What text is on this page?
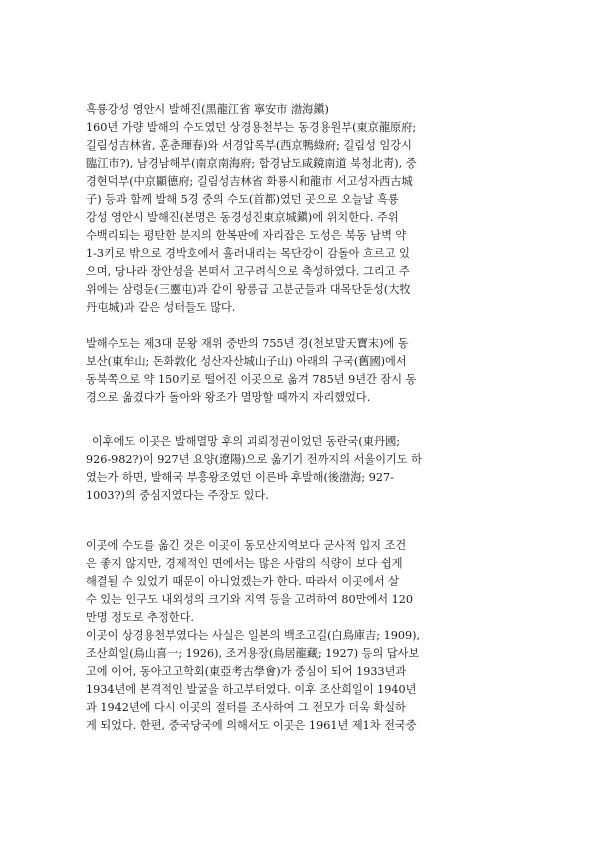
흑룡강성 영안시 발해진(黑龍江省 寧安市 渤海鎭)
160년 가량 발해의 수도였던 상경용천부는 동경용원부(東京龍原府;
길림성吉林省, 훈춘琿春)와 서경압록부(西京鴨綠府; 길림성 임강시
臨江市?), 남경남해부(南京南海府; 함경남도咸鏡南道 북청北靑), 중
경현덕부(中京顯德府; 길림성吉林省 화룡시和龍市 서고성자西古城
子) 등과 함께 발해 5경 중의 수도(首都)였던 곳으로 오늘날 흑룡
강성 영안시 발해진(본명은 동경성진東京城鎭)에 위치한다. 주위
수백리되는 평탄한 분지의 한복판에 자리잡은 도성은 북동 남벽 약
1-3키로 밖으로 경박호에서 흘러내리는 목단강이 감돌아 흐르고 있
으며, 당나라 장안성을 본떠서 고구려식으로 축성하였다. 그리고 주
위에는 삼령둔(三靈屯)과 같이 왕릉급 고분군들과 대목단둔성(大牧
丹屯城)과 같은 성터들도 많다.
발해수도는 제3대 문왕 재위 중반의 755년 경(천보말天寶末)에 동
보산(東牟山; 돈화敦化 성산자산城山子山) 아래의 구국(舊國)에서
동북쪽으로 약 150키로 떨어진 이곳으로 옮겨 785년 9년간 잠시 동
경으로 옮겼다가 돌아와 왕조가 멸망할 때까지 자리했었다.
이후에도 이곳은 발해멸망 후의 괴뢰정권이었던 동란국(東丹國;
926-982?)이 927년 요양(遼陽)으로 옮기기 전까지의 서울이기도 하
였는가 하면, 발해국 부흥왕조였던 이른바 후발해(後渤海; 927-
1003?)의 중심지였다는 주장도 있다.
이곳에 수도를 옮긴 것은 이곳이 동모산지역보다 군사적 입지 조건
은 좋지 않지만, 경제적인 면에서는 많은 사람의 식량이 보다 쉽게
해결될 수 있었기 때문이 아니었겠는가 한다. 따라서 이곳에서 살
수 있는 인구도 내외성의 크기와 지역 등을 고려하여 80만에서 120
만명 정도로 추정한다.
이곳이 상경용천부였다는 사실은 일본의 백조고길(白鳥庫吉; 1909),
조산희일(鳥山喜一; 1926), 조거용장(鳥居龍藏; 1927) 등의 답사보
고에 이어, 동아고고학회(東亞考古學會)가 중심이 되어 1933년과
1934년에 본격적인 발굴을 하고부터였다. 이후 조산희일이 1940년
과 1942년에 다시 이곳의 절터를 조사하여 그 전모가 더욱 확실하
게 되었다. 한편, 중국당국에 의해서도 이곳은 1961년 제1차 전국중
